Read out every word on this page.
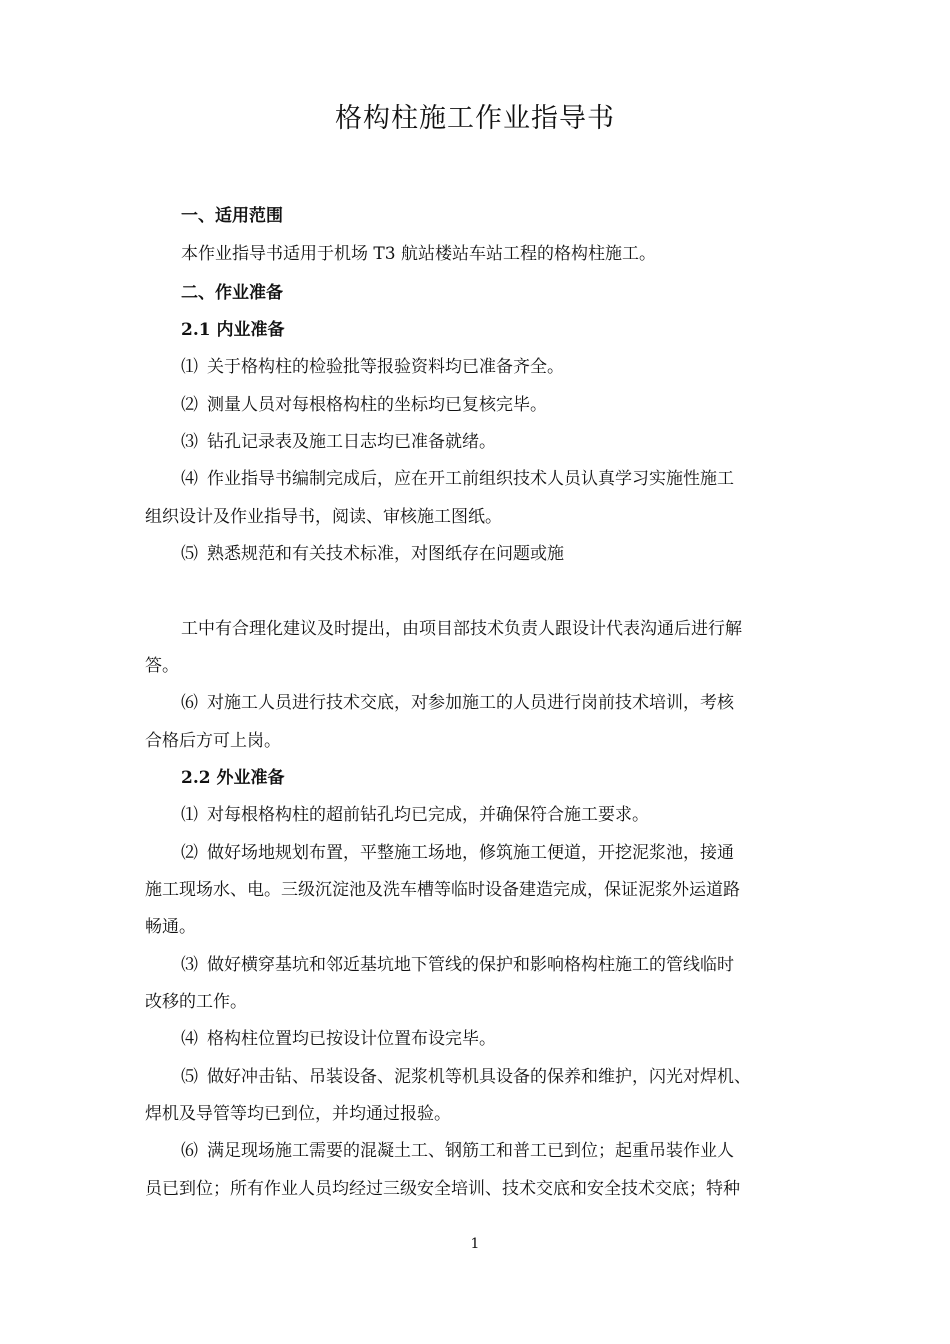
格构柱施工作业指导书

一、适用范围

本作业指导书适用于机场 T3 航站楼站车站工程的格构柱施工。

二、作业准备

2.1 内业准备

⑴ 关于格构柱的检验批等报验资料均已准备齐全。

⑵ 测量人员对每根格构柱的坐标均已复核完毕。

⑶ 钻孔记录表及施工日志均已准备就绪。

⑷ 作业指导书编制完成后，应在开工前组织技术人员认真学习实施性施工

组织设计及作业指导书，阅读、审核施工图纸。

⑸ 熟悉规范和有关技术标准，对图纸存在问题或施

工中有合理化建议及时提出，由项目部技术负责人跟设计代表沟通后进行解

答。

⑹ 对施工人员进行技术交底，对参加施工的人员进行岗前技术培训，考核

合格后方可上岗。

2.2 外业准备

⑴ 对每根格构柱的超前钻孔均已完成，并确保符合施工要求。

⑵ 做好场地规划布置，平整施工场地，修筑施工便道，开挖泥浆池，接通

施工现场水、电。三级沉淀池及洗车槽等临时设备建造完成，保证泥浆外运道路

畅通。

⑶ 做好横穿基坑和邻近基坑地下管线的保护和影响格构柱施工的管线临时

改移的工作。

⑷ 格构柱位置均已按设计位置布设完毕。

⑸ 做好冲击钻、吊装设备、泥浆机等机具设备的保养和维护，闪光对焊机、

焊机及导管等均已到位，并均通过报验。

⑹ 满足现场施工需要的混凝土工、钢筋工和普工已到位；起重吊装作业人

员已到位；所有作业人员均经过三级安全培训、技术交底和安全技术交底；特种

1
